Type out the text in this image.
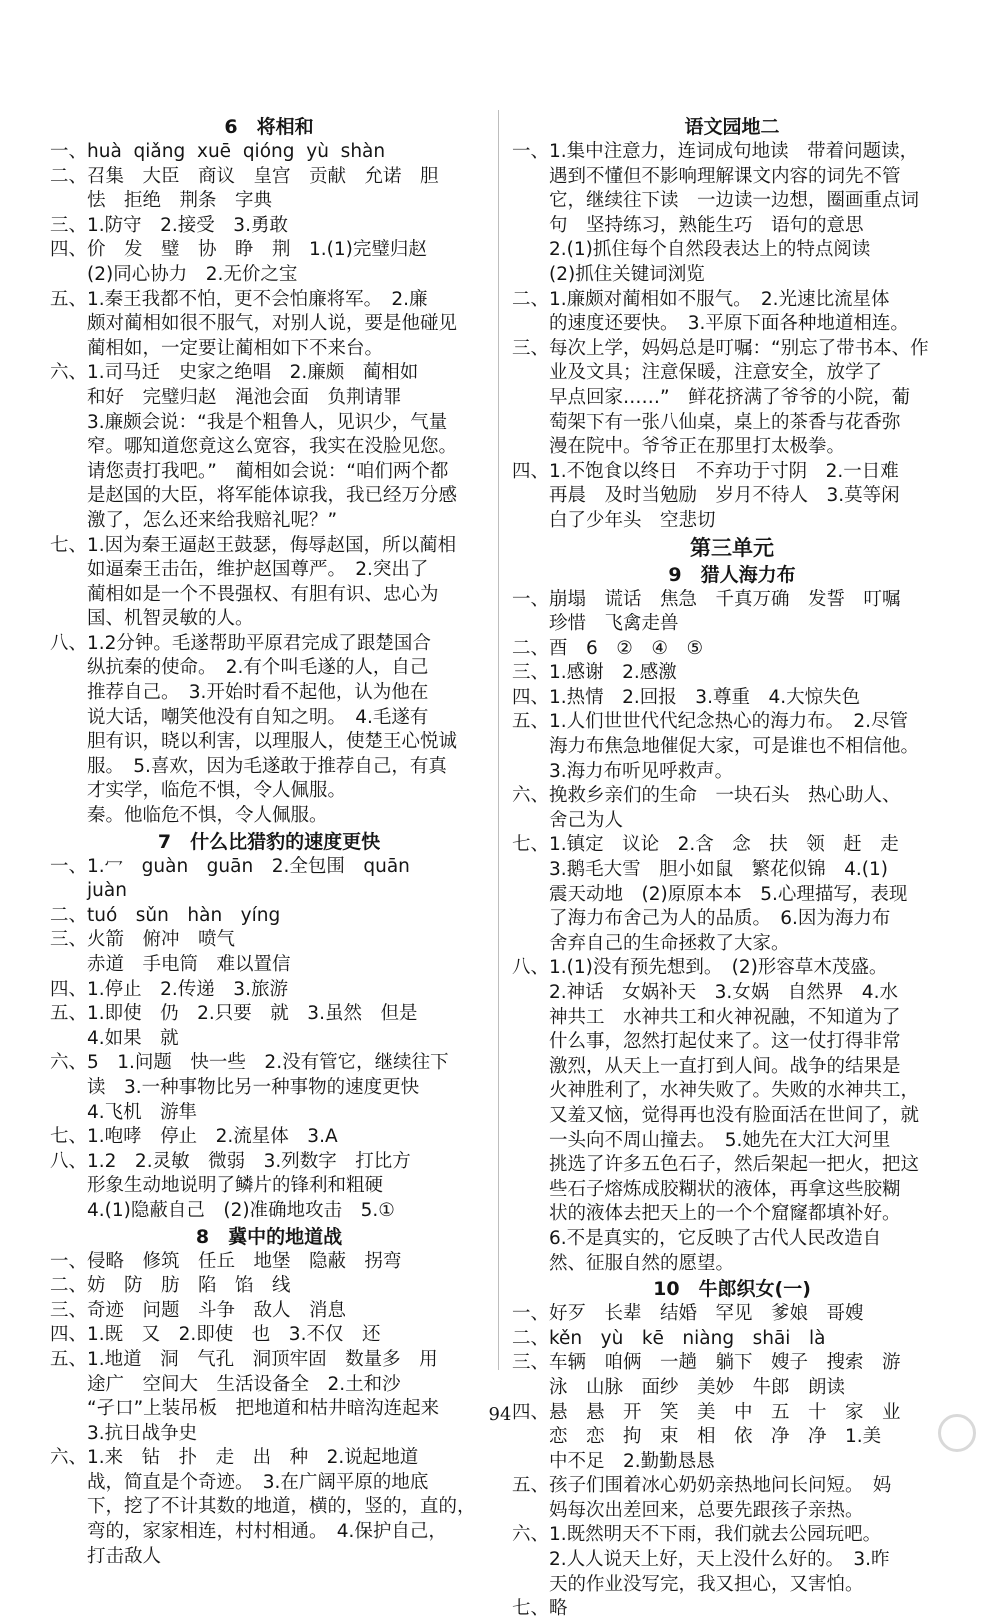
6　将相和
一、huà  qiǎng  xuē  qióng  yù  shàn
二、召集　大臣　商议　皇宫　贡献　允诺　胆
　　怯　拒绝　荆条　字典
三、1.防守　2.接受　3.勇敢
四、价　发　璧　协　睁　荆　1.(1)完璧归赵
　　(2)同心协力　2.无价之宝
五、1.秦王我都不怕，更不会怕廉将军。　2.廉
　　颇对蔺相如很不服气，对别人说，要是他碰见
　　蔺相如，一定要让蔺相如下不来台。
六、1.司马迁　史家之绝唱　2.廉颇　蔺相如
　　和好　完璧归赵　渑池会面　负荆请罪
　　3.廉颇会说：“我是个粗鲁人，见识少，气量
　　窄。哪知道您竟这么宽容，我实在没脸见您。
　　请您责打我吧。”　蔺相如会说：“咱们两个都
　　是赵国的大臣，将军能体谅我，我已经万分感
　　激了，怎么还来给我赔礼呢？”
七、1.因为秦王逼赵王鼓瑟，侮辱赵国，所以蔺相
　　如逼秦王击缶，维护赵国尊严。　2.突出了
　　蔺相如是一个不畏强权、有胆有识、忠心为
　　国、机智灵敏的人。
八、1.2分钟。毛遂帮助平原君完成了跟楚国合
　　纵抗秦的使命。　2.有个叫毛遂的人，自己
　　推荐自己。　3.开始时看不起他，认为他在
　　说大话，嘲笑他没有自知之明。　4.毛遂有
　　胆有识，晓以利害，以理服人，使楚王心悦诚
　　服。　5.喜欢，因为毛遂敢于推荐自己，有真
　　才实学，临危不惧，令人佩服。
　　秦。他临危不惧，令人佩服。
7　什么比猎豹的速度更快
一、1.冖　guàn　guān　2.全包围　quān
　　juàn
二、tuó　sǔn　hàn　yíng
三、火箭　俯冲　喷气
　　赤道　手电筒　难以置信
四、1.停止　2.传递　3.旅游
五、1.即使　仍　2.只要　就　3.虽然　但是
　　4.如果　就
六、5　1.问题　快一些　2.没有管它，继续往下
　　读　3.一种事物比另一种事物的速度更快
　　4.飞机　游隼
七、1.咆哮　停止　2.流星体　3.A
八、1.2　2.灵敏　微弱　3.列数字　打比方
　　形象生动地说明了鳞片的锋利和粗硬
　　4.(1)隐蔽自己　(2)准确地攻击　5.①
8　冀中的地道战
一、侵略　修筑　任丘　地堡　隐蔽　拐弯
二、妨　防　肪　陷　馅　线
三、奇迹　问题　斗争　敌人　消息
四、1.既　又　2.即使　也　3.不仅　还
五、1.地道　洞　气孔　洞顶牢固　数量多　用
　　途广　空间大　生活设备全　2.土和沙
　　“孑口”上装吊板　把地道和枯井暗沟连起来
　　3.抗日战争史
六、1.来　钻　扑　走　出　种　2.说起地道
　　战，简直是个奇迹。　3.在广阔平原的地底
　　下，挖了不计其数的地道，横的，竖的，直的，
　　弯的，家家相连，村村相通。　4.保护自己，
　　打击敌人
语文园地二
一、1.集中注意力，连词成句地读　带着问题读，
　　遇到不懂但不影响理解课文内容的词先不管
　　它，继续往下读　一边读一边想，圈画重点词
　　句　坚持练习，熟能生巧　语句的意思
　　2.(1)抓住每个自然段表达上的特点阅读
　　(2)抓住关键词浏览
二、1.廉颇对蔺相如不服气。　2.光速比流星体
　　的速度还要快。　3.平原下面各种地道相连。
三、每次上学，妈妈总是叮嘱：“别忘了带书本、作
　　业及文具；注意保暖，注意安全，放学了
　　早点回家……”　鲜花挤满了爷爷的小院，葡
　　萄架下有一张八仙桌，桌上的茶香与花香弥
　　漫在院中。爷爷正在那里打太极拳。
四、1.不饱食以终日　不弃功于寸阴　2.一日难
　　再晨　及时当勉励　岁月不待人　3.莫等闲
　　白了少年头　空悲切
第三单元
9　猎人海力布
一、崩塌　谎话　焦急　千真万确　发誓　叮嘱
　　珍惜　飞禽走兽
二、酉　6　②　④　⑤
三、1.感谢　2.感激
四、1.热情　2.回报　3.尊重　4.大惊失色
五、1.人们世世代代纪念热心的海力布。　2.尽管
　　海力布焦急地催促大家，可是谁也不相信他。
　　3.海力布听见呼救声。
六、挽救乡亲们的生命　一块石头　热心助人、
　　舍己为人
七、1.镇定　议论　2.含　念　扶　领　赶　走
　　3.鹅毛大雪　胆小如鼠　繁花似锦　4.(1)
　　震天动地　(2)原原本本　5.心理描写，表现
　　了海力布舍己为人的品质。　6.因为海力布
　　舍弃自己的生命拯救了大家。
八、1.(1)没有预先想到。　(2)形容草木茂盛。
　　2.神话　女娲补天　3.女娲　自然界　4.水
　　神共工　水神共工和火神祝融，不知道为了
　　什么事，忽然打起仗来了。这一仗打得非常
　　激烈，从天上一直打到人间。战争的结果是
　　火神胜利了，水神失败了。失败的水神共工，
　　又羞又恼，觉得再也没有脸面活在世间了，就
　　一头向不周山撞去。　5.她先在大江大河里
　　挑选了许多五色石子，然后架起一把火，把这
　　些石子熔炼成胶糊状的液体，再拿这些胶糊
　　状的液体去把天上的一个个窟窿都填补好。
　　6.不是真实的，它反映了古代人民改造自
　　然、征服自然的愿望。
10　牛郎织女(一)
一、好歹　长辈　结婚　罕见　爹娘　哥嫂
二、kěn　yù　kē　niàng　shāi　là
三、车辆　咱俩　一趟　躺下　嫂子　搜索　游
　　泳　山脉　面纱　美妙　牛郎　朗读
四、悬　悬　开　笑　美　中　五　十　家　业
　　恋　恋　拘　束　相　依　净　净　1.美
　　中不足　2.勤勤恳恳
五、孩子们围着冰心奶奶亲热地问长问短。　妈
　　妈每次出差回来，总要先跟孩子亲热。
六、1.既然明天不下雨，我们就去公园玩吧。
　　2.人人说天上好，天上没什么好的。　3.昨
　　天的作业没写完，我又担心，又害怕。
七、略
94
